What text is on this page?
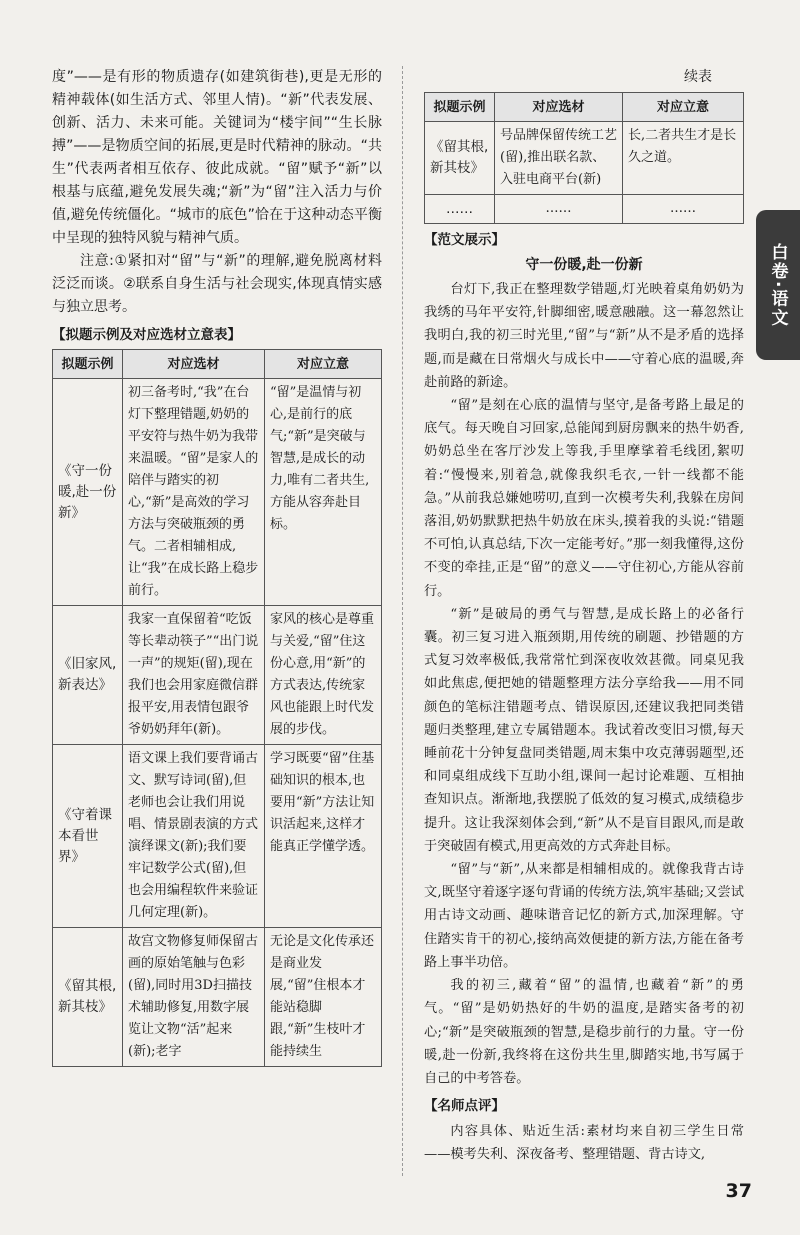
度”——是有形的物质遗存(如建筑街巷),更是无形的精神载体(如生活方式、邻里人情)。“新”代表发展、创新、活力、未来可能。关键词为“楼宇间”“生长脉搏”——是物质空间的拓展,更是时代精神的脉动。“共生”代表两者相互依存、彼此成就。“留”赋予“新”以根基与底蕴,避免发展失魂;“新”为“留”注入活力与价值,避免传统僵化。“城市的底色”恰在于这种动态平衡中呈现的独特风貌与精神气质。

注意:①紧扣对“留”与“新”的理解,避免脱离材料泛泛而谈。②联系自身生活与社会现实,体现真情实感与独立思考。

【拟题示例及对应选材立意表】
拟题示例	对应选材	对应立意
《守一份暖,赴一份新》	初三备考时,“我”在台灯下整理错题,奶奶的平安符与热牛奶为我带来温暖。“留”是家人的陪伴与踏实的初心,“新”是高效的学习方法与突破瓶颈的勇气。二者相辅相成,让“我”在成长路上稳步前行。	“留”是温情与初心,是前行的底气;“新”是突破与智慧,是成长的动力,唯有二者共生,方能从容奔赴目标。
《旧家风,新表达》	我家一直保留着“吃饭等长辈动筷子”“出门说一声”的规矩(留),现在我们也会用家庭微信群报平安,用表情包跟爷爷奶奶拜年(新)。	家风的核心是尊重与关爱,“留”住这份心意,用“新”的方式表达,传统家风也能跟上时代发展的步伐。
《守着课本看世界》	语文课上我们要背诵古文、默写诗词(留),但老师也会让我们用说唱、情景剧表演的方式演绎课文(新);我们要牢记数学公式(留),但也会用编程软件来验证几何定理(新)。	学习既要“留”住基础知识的根本,也要用“新”方法让知识活起来,这样才能真正学懂学透。
《留其根,新其枝》	故宫文物修复师保留古画的原始笔触与色彩(留),同时用3D扫描技术辅助修复,用数字展览让文物“活”起来(新);老字	无论是文化传承还是商业发展,“留”住根本才能站稳脚跟,“新”生枝叶才能持续生
续表
拟题示例	对应选材	对应立意
《留其根,新其枝》	号品牌保留传统工艺(留),推出联名款、入驻电商平台(新)	长,二者共生才是长久之道。
……	……	……
【范文展示】
守一份暖,赴一份新

台灯下,我正在整理数学错题,灯光映着桌角奶奶为我绣的马年平安符,针脚细密,暖意融融。这一幕忽然让我明白,我的初三时光里,“留”与“新”从不是矛盾的选择题,而是藏在日常烟火与成长中——守着心底的温暖,奔赴前路的新途。

“留”是刻在心底的温情与坚守,是备考路上最足的底气。每天晚自习回家,总能闻到厨房飘来的热牛奶香,奶奶总坐在客厅沙发上等我,手里摩挲着毛线团,絮叨着:“慢慢来,别着急,就像我织毛衣,一针一线都不能急。”从前我总嫌她唠叨,直到一次模考失利,我躲在房间落泪,奶奶默默把热牛奶放在床头,摸着我的头说:“错题不可怕,认真总结,下次一定能考好。”那一刻我懂得,这份不变的牵挂,正是“留”的意义——守住初心,方能从容前行。

“新”是破局的勇气与智慧,是成长路上的必备行囊。初三复习进入瓶颈期,用传统的刷题、抄错题的方式复习效率极低,我常常忙到深夜收效甚微。同桌见我如此焦虑,便把她的错题整理方法分享给我——用不同颜色的笔标注错题考点、错误原因,还建议我把同类错题归类整理,建立专属错题本。我试着改变旧习惯,每天睡前花十分钟复盘同类错题,周末集中攻克薄弱题型,还和同桌组成线下互助小组,课间一起讨论难题、互相抽查知识点。渐渐地,我摆脱了低效的复习模式,成绩稳步提升。这让我深刻体会到,“新”从不是盲目跟风,而是敢于突破固有模式,用更高效的方式奔赴目标。

“留”与“新”,从来都是相辅相成的。就像我背古诗文,既坚守着逐字逐句背诵的传统方法,筑牢基础;又尝试用古诗文动画、趣味谐音记忆的新方式,加深理解。守住踏实肯干的初心,接纳高效便捷的新方法,方能在备考路上事半功倍。

我的初三,藏着“留”的温情,也藏着“新”的勇气。“留”是奶奶热好的牛奶的温度,是踏实备考的初心;“新”是突破瓶颈的智慧,是稳步前行的力量。守一份暖,赴一份新,我终将在这份共生里,脚踏实地,书写属于自己的中考答卷。

【名师点评】

内容具体、贴近生活:素材均来自初三学生日常——模考失利、深夜备考、整理错题、背古诗文,

白卷·语文
37
